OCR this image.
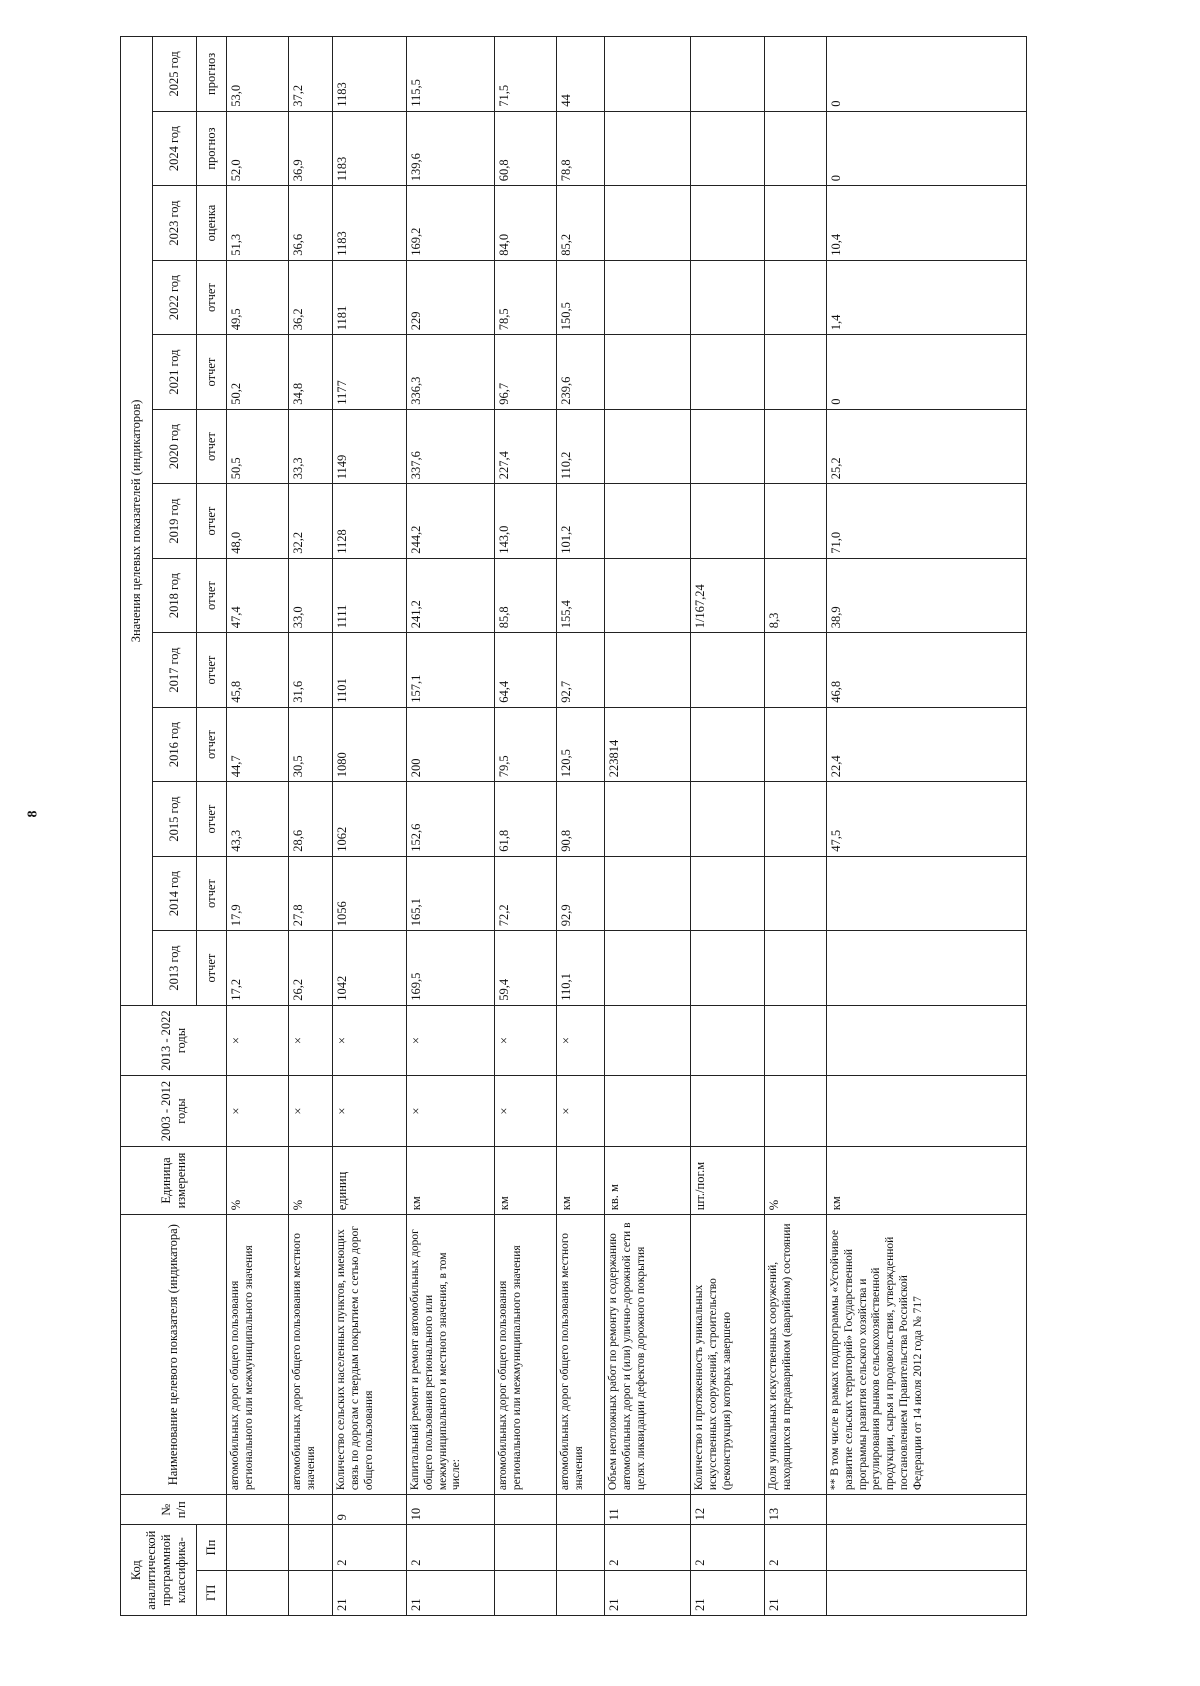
8
Код аналитической программной классифика-		№ п/п	Наименование целевого показателя (индикатора)	Единица измерения	2003 - 2012 годы	2013 - 2022 годы	Значения целевых показателей (индикаторов)												
							2013 год	2014 год	2015 год	2016 год	2017 год	2018 год	2019 год	2020 год	2021 год	2022 год	2023 год	2024 год	2025 год
ГП	Пп						отчет	отчет	отчет	отчет	отчет	отчет	отчет	отчет	отчет	отчет	оценка	прогноз	прогноз
			автомобильных дорог общего пользования регионального или межмуниципального значения	%	×	×	17,2	17,9	43,3	44,7	45,8	47,4	48,0	50,5	50,2	49,5	51,3	52,0	53,0
			автомобильных дорог общего пользования местного значения	%	×	×	26,2	27,8	28,6	30,5	31,6	33,0	32,2	33,3	34,8	36,2	36,6	36,9	37,2
21	2	9	Количество сельских населенных пунктов, имеющих связь по дорогам с твердым покрытием с сетью дорог общего пользования	единиц	×	×	1042	1056	1062	1080	1101	1111	1128	1149	1177	1181	1183	1183	1183
21	2	10	Капитальный ремонт и ремонт автомобильных дорог общего пользования регионального или межмуниципального и местного значения, в том числе:	км	×	×	169,5	165,1	152,6	200	157,1	241,2	244,2	337,6	336,3	229	169,2	139,6	115,5
			автомобильных дорог общего пользования регионального или межмуниципального значения	км	×	×	59,4	72,2	61,8	79,5	64,4	85,8	143,0	227,4	96,7	78,5	84,0	60,8	71,5
			автомобильных дорог общего пользования местного значения	км	×	×	110,1	92,9	90,8	120,5	92,7	155,4	101,2	110,2	239,6	150,5	85,2	78,8	44
21	2	11	Объем неотложных работ по ремонту и содержанию автомобильных дорог и (или) улично-дорожной сети в целях ликвидации дефектов дорожного покрытия	кв. м						223814									
21	2	12	Количество и протяженность уникальных искусственных сооружений, строительство (реконструкция) которых завершено	шт./пог.м								1/167,24							
21	2	13	Доля уникальных искусственных сооружений, находящихся в предаварийном (аварийном) состоянии	%								8,3							
			** В том числе в рамках подпрограммы «Устойчивое развитие сельских территорий» Государственной программы развития сельского хозяйства и регулирования рынков сельскохозяйственной продукции, сырья и продовольствия, утвержденной постановлением Правительства Российской Федерации от 14 июля 2012 года № 717	км					47,5	22,4	46,8	38,9	71,0	25,2	0	1,4	10,4	0	0
